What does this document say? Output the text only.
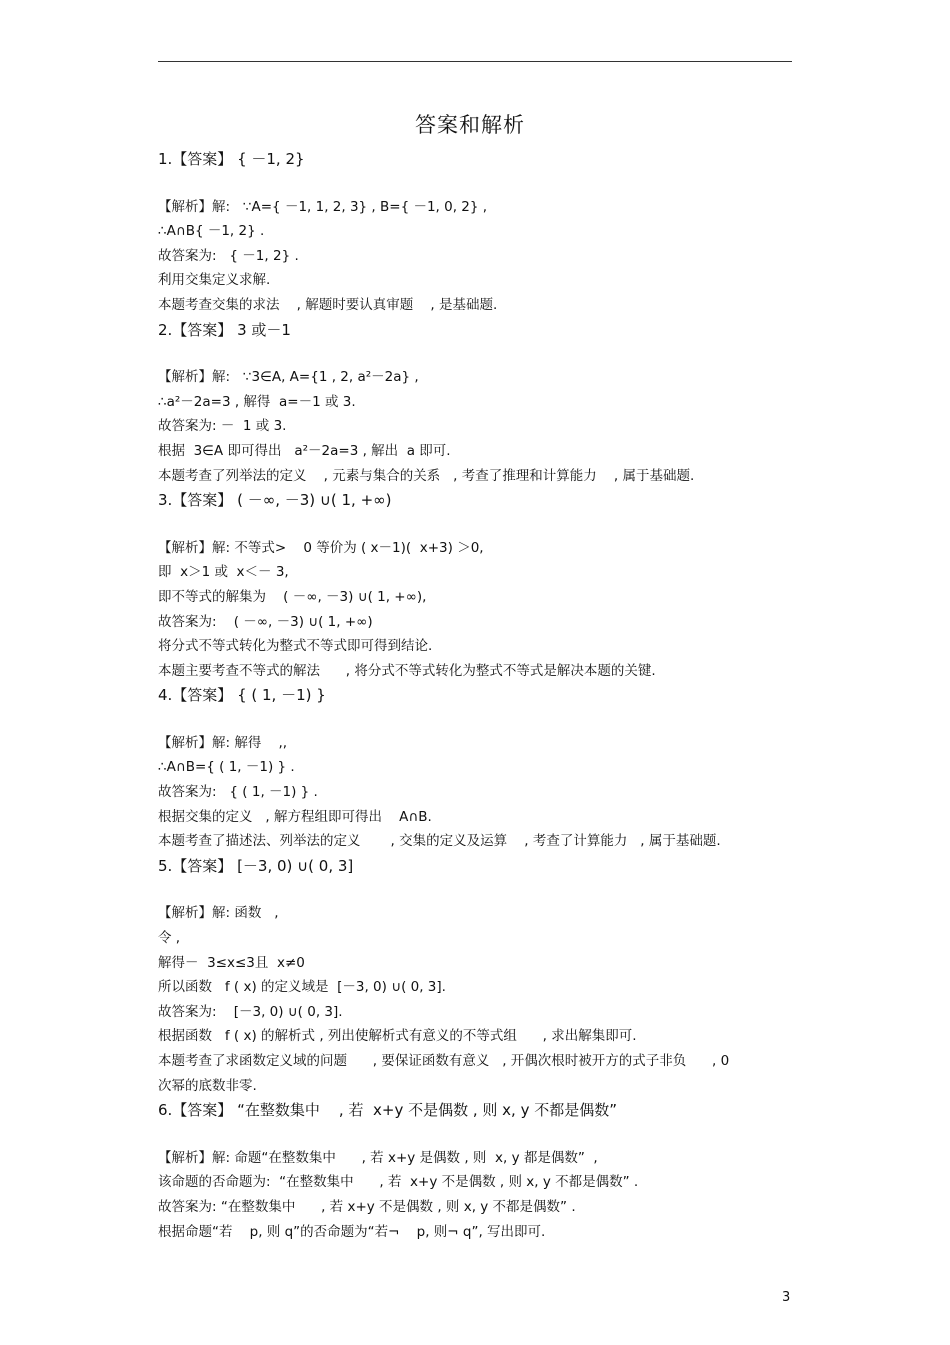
答案和解析
1.【答案】 { －1, 2}
【解析】解:   ∵A={ －1, 1, 2, 3} , B={ －1, 0, 2} ,
∴A∩B{ －1, 2} .
故答案为:   { －1, 2} .
利用交集定义求解.
本题考查交集的求法    , 解题时要认真审题    , 是基础题.
2.【答案】 3 或－1
【解析】解:   ∵3∈A, A={1 , 2, a²－2a} ,
∴a²－2a=3 , 解得  a=－1 或 3.
故答案为: －  1 或 3.
根据  3∈A 即可得出   a²－2a=3 , 解出  a 即可.
本题考查了列举法的定义    , 元素与集合的关系   , 考查了推理和计算能力    , 属于基础题.
3.【答案】 ( －∞, －3) ∪( 1, +∞)
【解析】解: 不等式>    0 等价为 ( x－1)(  x+3) ＞0,
即  x＞1 或  x＜－ 3,
即不等式的解集为    ( －∞, －3) ∪( 1, +∞),
故答案为:    ( －∞, －3) ∪( 1, +∞)
将分式不等式转化为整式不等式即可得到结论.
本题主要考查不等式的解法      , 将分式不等式转化为整式不等式是解决本题的关键.
4.【答案】 { ( 1, －1) }
【解析】解: 解得    ,,
∴A∩B={ ( 1, －1) } .
故答案为:   { ( 1, －1) } .
根据交集的定义   , 解方程组即可得出    A∩B.
本题考查了描述法、列举法的定义       , 交集的定义及运算    , 考查了计算能力   , 属于基础题.
5.【答案】 [－3, 0) ∪( 0, 3]
【解析】解: 函数   ,
令 ,
解得－  3≤x≤3且  x≠0
所以函数   f ( x) 的定义域是  [－3, 0) ∪( 0, 3].
故答案为:    [－3, 0) ∪( 0, 3].
根据函数   f ( x) 的解析式 , 列出使解析式有意义的不等式组      , 求出解集即可.
本题考查了求函数定义域的问题      , 要保证函数有意义   , 开偶次根时被开方的式子非负      , 0
次幂的底数非零.
6.【答案】 “在整数集中    , 若  x+y 不是偶数 , 则 x, y 不都是偶数”
【解析】解: 命题“在整数集中      , 若 x+y 是偶数 , 则  x, y 都是偶数”  ,
该命题的否命题为:  “在整数集中      , 若  x+y 不是偶数 , 则 x, y 不都是偶数” .
故答案为: “在整数集中      , 若 x+y 不是偶数 , 则 x, y 不都是偶数” .
根据命题“若    p, 则 q”的否命题为“若¬    p, 则¬ q”, 写出即可.
3
